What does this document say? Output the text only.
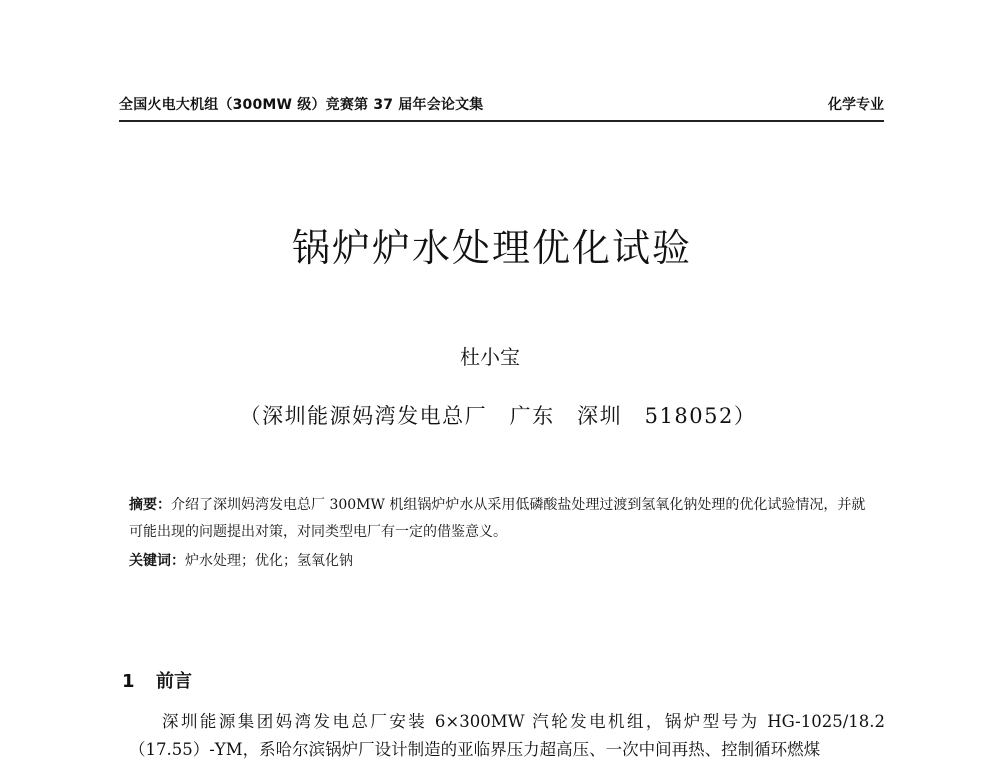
全国火电大机组（300MW 级）竞赛第 37 届年会论文集	化学专业
锅炉炉水处理优化试验
杜小宝
（深圳能源妈湾发电总厂　广东　深圳　518052）
摘要：介绍了深圳妈湾发电总厂 300MW 机组锅炉炉水从采用低磷酸盐处理过渡到氢氧化钠处理的优化试验情况，并就可能出现的问题提出对策，对同类型电厂有一定的借鉴意义。
关键词：炉水处理；优化；氢氧化钠
1 前言
深圳能源集团妈湾发电总厂安装 6×300MW 汽轮发电机组，锅炉型号为 HG-1025/18.2（17.55）-YM，系哈尔滨锅炉厂设计制造的亚临界压力超高压、一次中间再热、控制循环燃煤
